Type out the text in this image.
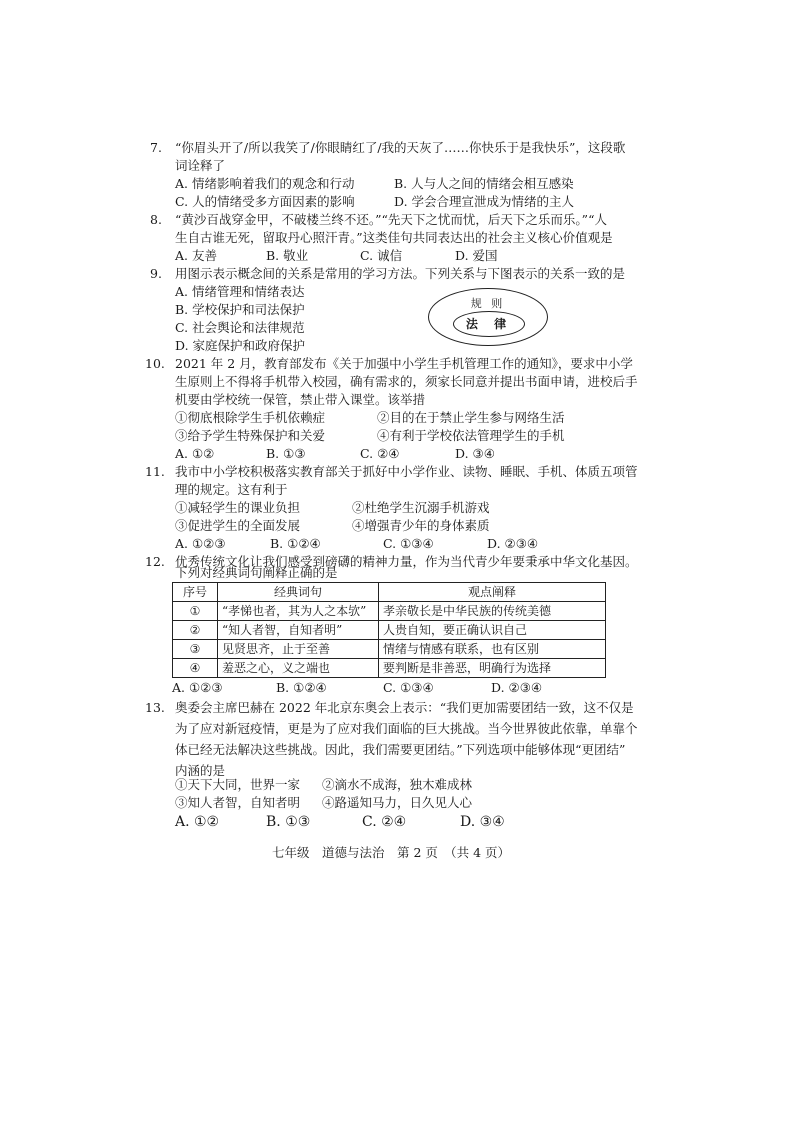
7. “你眉头开了/所以我笑了/你眼睛红了/我的天灰了……你快乐于是我快乐”，这段歌
词诠释了
A. 情绪影响着我们的观念和行动	B. 人与人之间的情绪会相互感染
C. 人的情绪受多方面因素的影响	D. 学会合理宣泄成为情绪的主人
8. “黄沙百战穿金甲，不破楼兰终不还。”“先天下之忧而忧，后天下之乐而乐。”“人
生自古谁无死，留取丹心照汗青。”这类佳句共同表达出的社会主义核心价值观是
A. 友善	B. 敬业	C. 诚信	D. 爱国
9. 用图示表示概念间的关系是常用的学习方法。下列关系与下图表示的关系一致的是
A. 情绪管理和情绪表达
B. 学校保护和司法保护
C. 社会舆论和法律规范
D. 家庭保护和政府保护
规 则
法 律
10. 2021 年 2 月，教育部发布《关于加强中小学生手机管理工作的通知》，要求中小学
生原则上不得将手机带入校园，确有需求的，须家长同意并提出书面申请，进校后手
机要由学校统一保管，禁止带入课堂。该举措
①彻底根除学生手机依赖症	②目的在于禁止学生参与网络生活
③给予学生特殊保护和关爱	④有利于学校依法管理学生的手机
A. ①②	B. ①③	C. ②④	D. ③④
11. 我市中小学校积极落实教育部关于抓好中小学作业、读物、睡眠、手机、体质五项管
理的规定。这有利于
①减轻学生的课业负担	②杜绝学生沉溺手机游戏
③促进学生的全面发展	④增强青少年的身体素质
A. ①②③	B. ①②④	C. ①③④	D. ②③④
12. 优秀传统文化让我们感受到磅礴的精神力量，作为当代青少年要秉承中华文化基因。
下列对经典词句阐释正确的是
序号	经典词句	观点阐释
①	“孝悌也者，其为人之本欤”	孝亲敬长是中华民族的传统美德
②	“知人者智，自知者明”	人贵自知，要正确认识自己
③	见贤思齐，止于至善	情绪与情感有联系，也有区别
④	羞恶之心，义之端也	要判断是非善恶，明确行为选择
A. ①②③	B. ①②④	C. ①③④	D. ②③④
13. 奥委会主席巴赫在 2022 年北京东奥会上表示：“我们更加需要团结一致，这不仅是
为了应对新冠疫情，更是为了应对我们面临的巨大挑战。当今世界彼此依靠，单靠个
体已经无法解决这些挑战。因此，我们需要更团结。”下列选项中能够体现“更团结”
内涵的是
①天下大同，世界一家 ②滴水不成海，独木难成林
③知人者智，自知者明 ④路遥知马力，日久见人心
A. ①②	B. ①③	C. ②④	D. ③④
七年级　道德与法治　第 2 页　（共 4 页）
